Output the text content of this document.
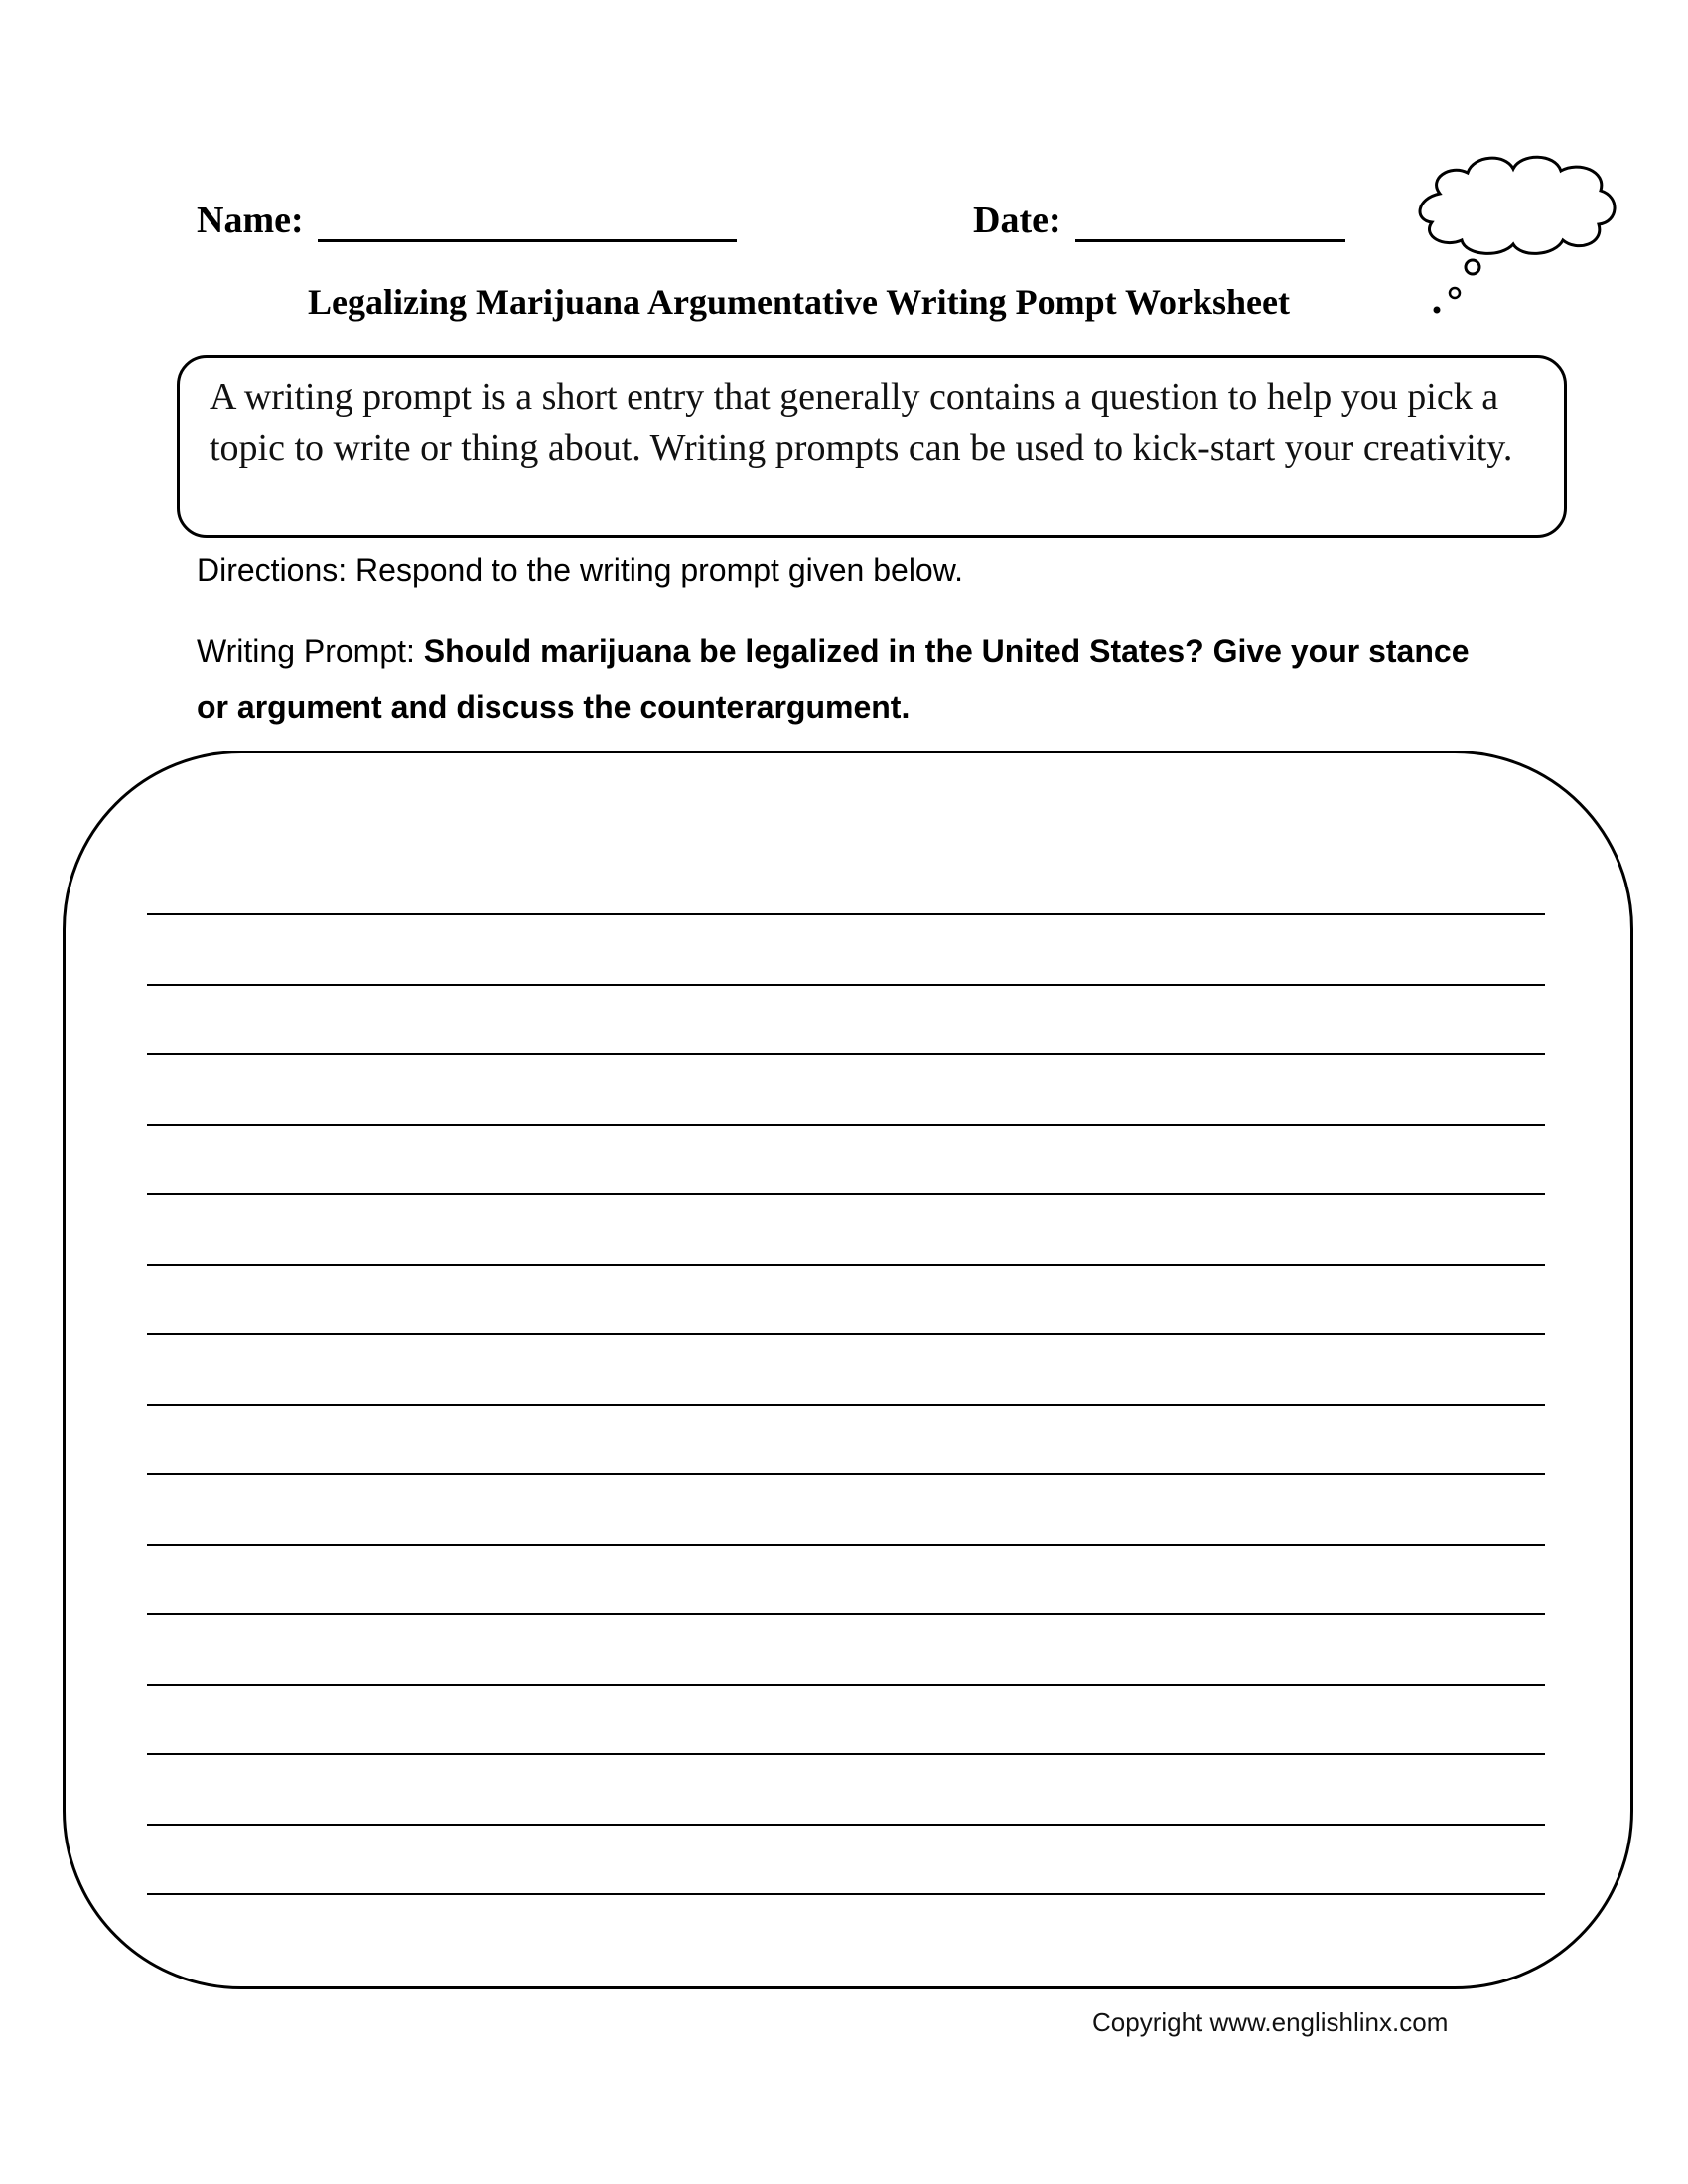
Name:	Date:
Legalizing Marijuana Argumentative Writing Pompt Worksheet

A writing prompt is a short entry that generally contains a question to help you pick a topic to write or thing about. Writing prompts can be used to kick-start your creativity.

Directions: Respond to the writing prompt given below.
Writing Prompt: Should marijuana be legalized in the United States? Give your stance or argument and discuss the counterargument.
Copyright www.englishlinx.com
